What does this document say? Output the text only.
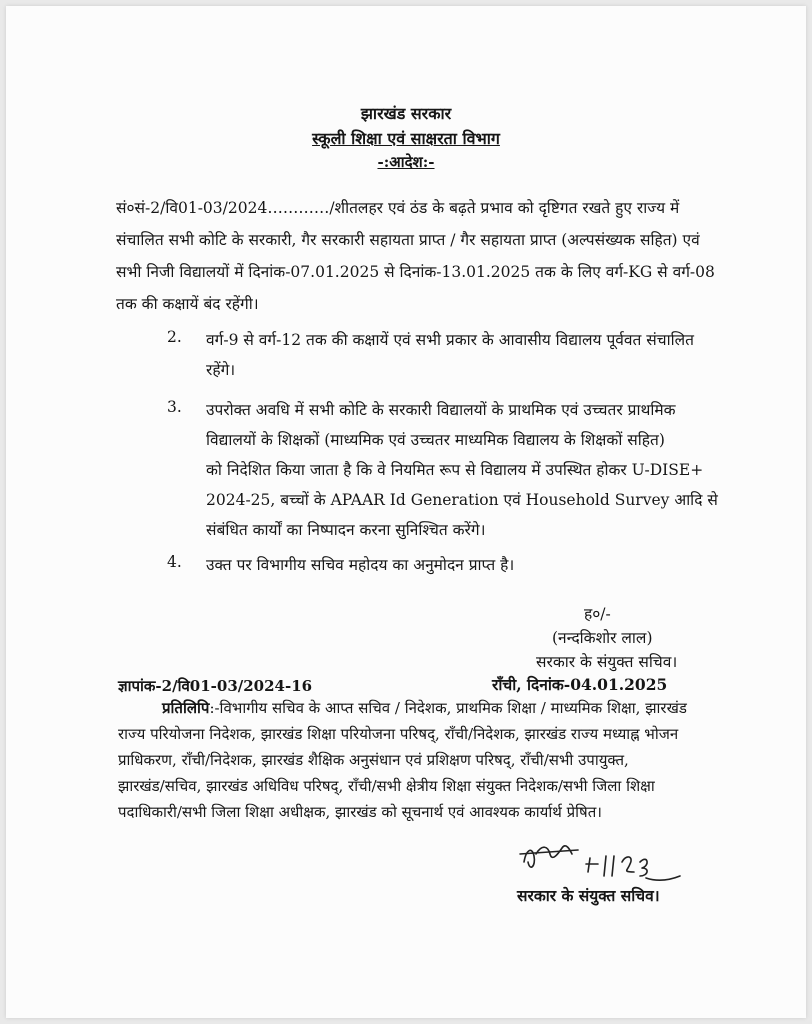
झारखंड सरकार
स्कूली शिक्षा एवं साक्षरता विभाग
-:आदेश:-
सं०सं-2/वि01-03/2024…………/शीतलहर एवं ठंड के बढ़ते प्रभाव को दृष्टिगत रखते हुए राज्य में
संचालित सभी कोटि के सरकारी, गैर सरकारी सहायता प्राप्त / गैर सहायता प्राप्त (अल्पसंख्यक सहित) एवं
सभी निजी विद्यालयों में दिनांक-07.01.2025 से दिनांक-13.01.2025 तक के लिए वर्ग-KG से वर्ग-08
तक की कक्षायें बंद रहेंगी।
2. वर्ग-9 से वर्ग-12 तक की कक्षायें एवं सभी प्रकार के आवासीय विद्यालय पूर्ववत संचालित
रहेंगे।
3. उपरोक्त अवधि में सभी कोटि के सरकारी विद्यालयों के प्राथमिक एवं उच्चतर प्राथमिक
विद्यालयों के शिक्षकों (माध्यमिक एवं उच्चतर माध्यमिक विद्यालय के शिक्षकों सहित)
को निदेशित किया जाता है कि वे नियमित रूप से विद्यालय में उपस्थित होकर U-DISE+
2024-25, बच्चों के APAAR Id Generation एवं Household Survey आदि से
संबंधित कार्यों का निष्पादन करना सुनिश्चित करेंगे।
4. उक्त पर विभागीय सचिव महोदय का अनुमोदन प्राप्त है।
ह०/-
(नन्दकिशोर लाल)
सरकार के संयुक्त सचिव।
ज्ञापांक-2/वि01-03/2024-16	राँची, दिनांक-04.01.2025
प्रतिलिपि:-विभागीय सचिव के आप्त सचिव / निदेशक, प्राथमिक शिक्षा / माध्यमिक शिक्षा, झारखंड
राज्य परियोजना निदेशक, झारखंड शिक्षा परियोजना परिषद्, राँची/निदेशक, झारखंड राज्य मध्याह्न भोजन
प्राधिकरण, राँची/निदेशक, झारखंड शैक्षिक अनुसंधान एवं प्रशिक्षण परिषद्, राँची/सभी उपायुक्त,
झारखंड/सचिव, झारखंड अधिविध परिषद्, राँची/सभी क्षेत्रीय शिक्षा संयुक्त निदेशक/सभी जिला शिक्षा
पदाधिकारी/सभी जिला शिक्षा अधीक्षक, झारखंड को सूचनार्थ एवं आवश्यक कार्यार्थ प्रेषित।
सरकार के संयुक्त सचिव।
